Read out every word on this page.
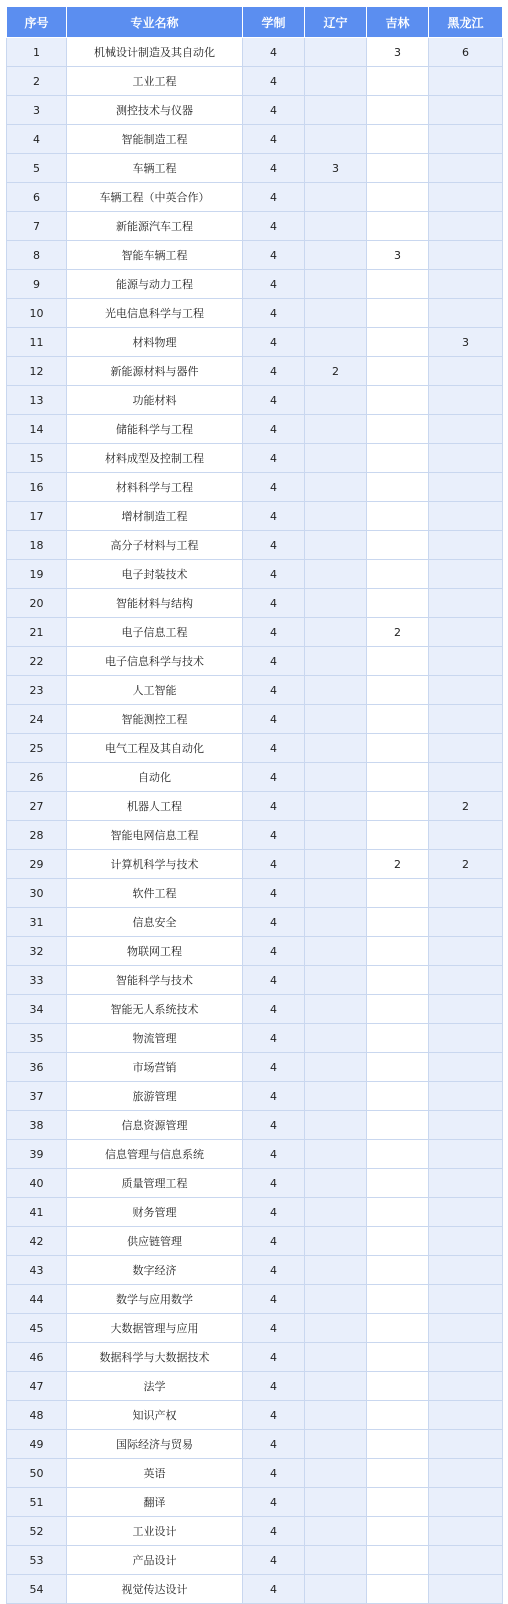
序号	专业名称	学制	辽宁	吉林	黑龙江
1	机械设计制造及其自动化	4		3	6
2	工业工程	4			
3	测控技术与仪器	4			
4	智能制造工程	4			
5	车辆工程	4	3		
6	车辆工程（中英合作）	4			
7	新能源汽车工程	4			
8	智能车辆工程	4		3	
9	能源与动力工程	4			
10	光电信息科学与工程	4			
11	材料物理	4			3
12	新能源材料与器件	4	2		
13	功能材料	4			
14	储能科学与工程	4			
15	材料成型及控制工程	4			
16	材料科学与工程	4			
17	增材制造工程	4			
18	高分子材料与工程	4			
19	电子封装技术	4			
20	智能材料与结构	4			
21	电子信息工程	4		2	
22	电子信息科学与技术	4			
23	人工智能	4			
24	智能测控工程	4			
25	电气工程及其自动化	4			
26	自动化	4			
27	机器人工程	4			2
28	智能电网信息工程	4			
29	计算机科学与技术	4		2	2
30	软件工程	4			
31	信息安全	4			
32	物联网工程	4			
33	智能科学与技术	4			
34	智能无人系统技术	4			
35	物流管理	4			
36	市场营销	4			
37	旅游管理	4			
38	信息资源管理	4			
39	信息管理与信息系统	4			
40	质量管理工程	4			
41	财务管理	4			
42	供应链管理	4			
43	数字经济	4			
44	数学与应用数学	4			
45	大数据管理与应用	4			
46	数据科学与大数据技术	4			
47	法学	4			
48	知识产权	4			
49	国际经济与贸易	4			
50	英语	4			
51	翻译	4			
52	工业设计	4			
53	产品设计	4			
54	视觉传达设计	4			
